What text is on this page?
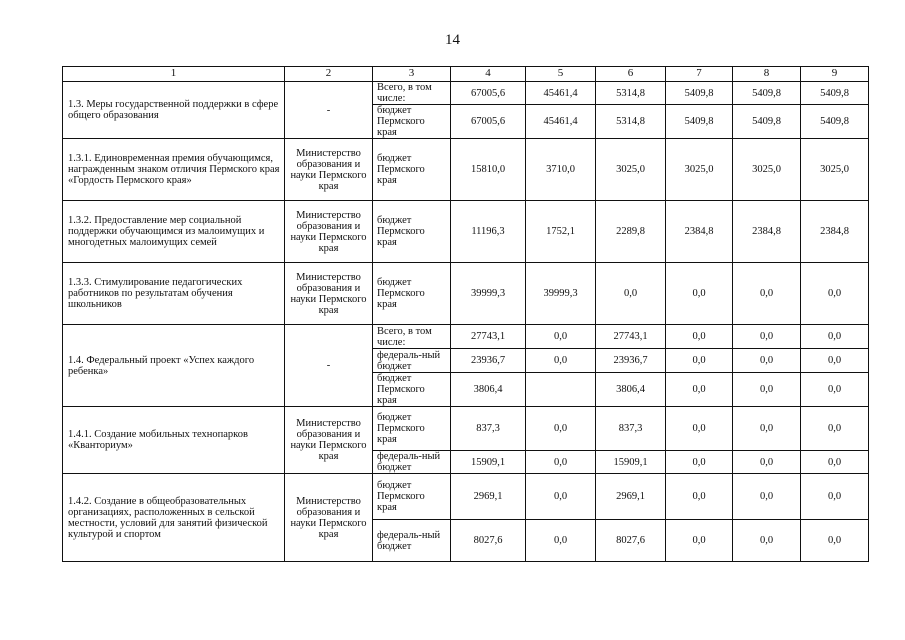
14
1	2	3	4	5	6	7	8	9
1.3. Меры государственной поддержки в сфере общего образования	-	Всего, в том числе:	67005,6	45461,4	5314,8	5409,8	5409,8	5409,8
		бюджет Пермского края	67005,6	45461,4	5314,8	5409,8	5409,8	5409,8
1.3.1. Единовременная премия обучающимся, награжденным знаком отличия Пермского края «Гордость Пермского края»	Министерство образования и науки Пермского края	бюджет Пермского края	15810,0	3710,0	3025,0	3025,0	3025,0	3025,0
1.3.2. Предоставление мер социальной поддержки обучающимся из малоимущих и многодетных малоимущих семей	Министерство образования и науки Пермского края	бюджет Пермского края	11196,3	1752,1	2289,8	2384,8	2384,8	2384,8
1.3.3. Стимулирование педагогических работников по результатам обучения школьников	Министерство образования и науки Пермского края	бюджет Пермского края	39999,3	39999,3	0,0	0,0	0,0	0,0
1.4. Федеральный проект «Успех каждого ребенка»	-	Всего, в том числе:	27743,1	0,0	27743,1	0,0	0,0	0,0
		федераль-ный бюджет	23936,7	0,0	23936,7	0,0	0,0	0,0
		бюджет Пермского края	3806,4		3806,4	0,0	0,0	0,0
1.4.1. Создание мобильных технопарков «Кванториум»	Министерство образования и науки Пермского края	бюджет Пермского края	837,3	0,0	837,3	0,0	0,0	0,0
		федераль-ный бюджет	15909,1	0,0	15909,1	0,0	0,0	0,0
1.4.2. Создание в общеобразовательных организациях, расположенных в сельской местности, условий для занятий физической культурой и спортом	Министерство образования и науки Пермского края	бюджет Пермского края	2969,1	0,0	2969,1	0,0	0,0	0,0
		федераль-ный бюджет	8027,6	0,0	8027,6	0,0	0,0	0,0
